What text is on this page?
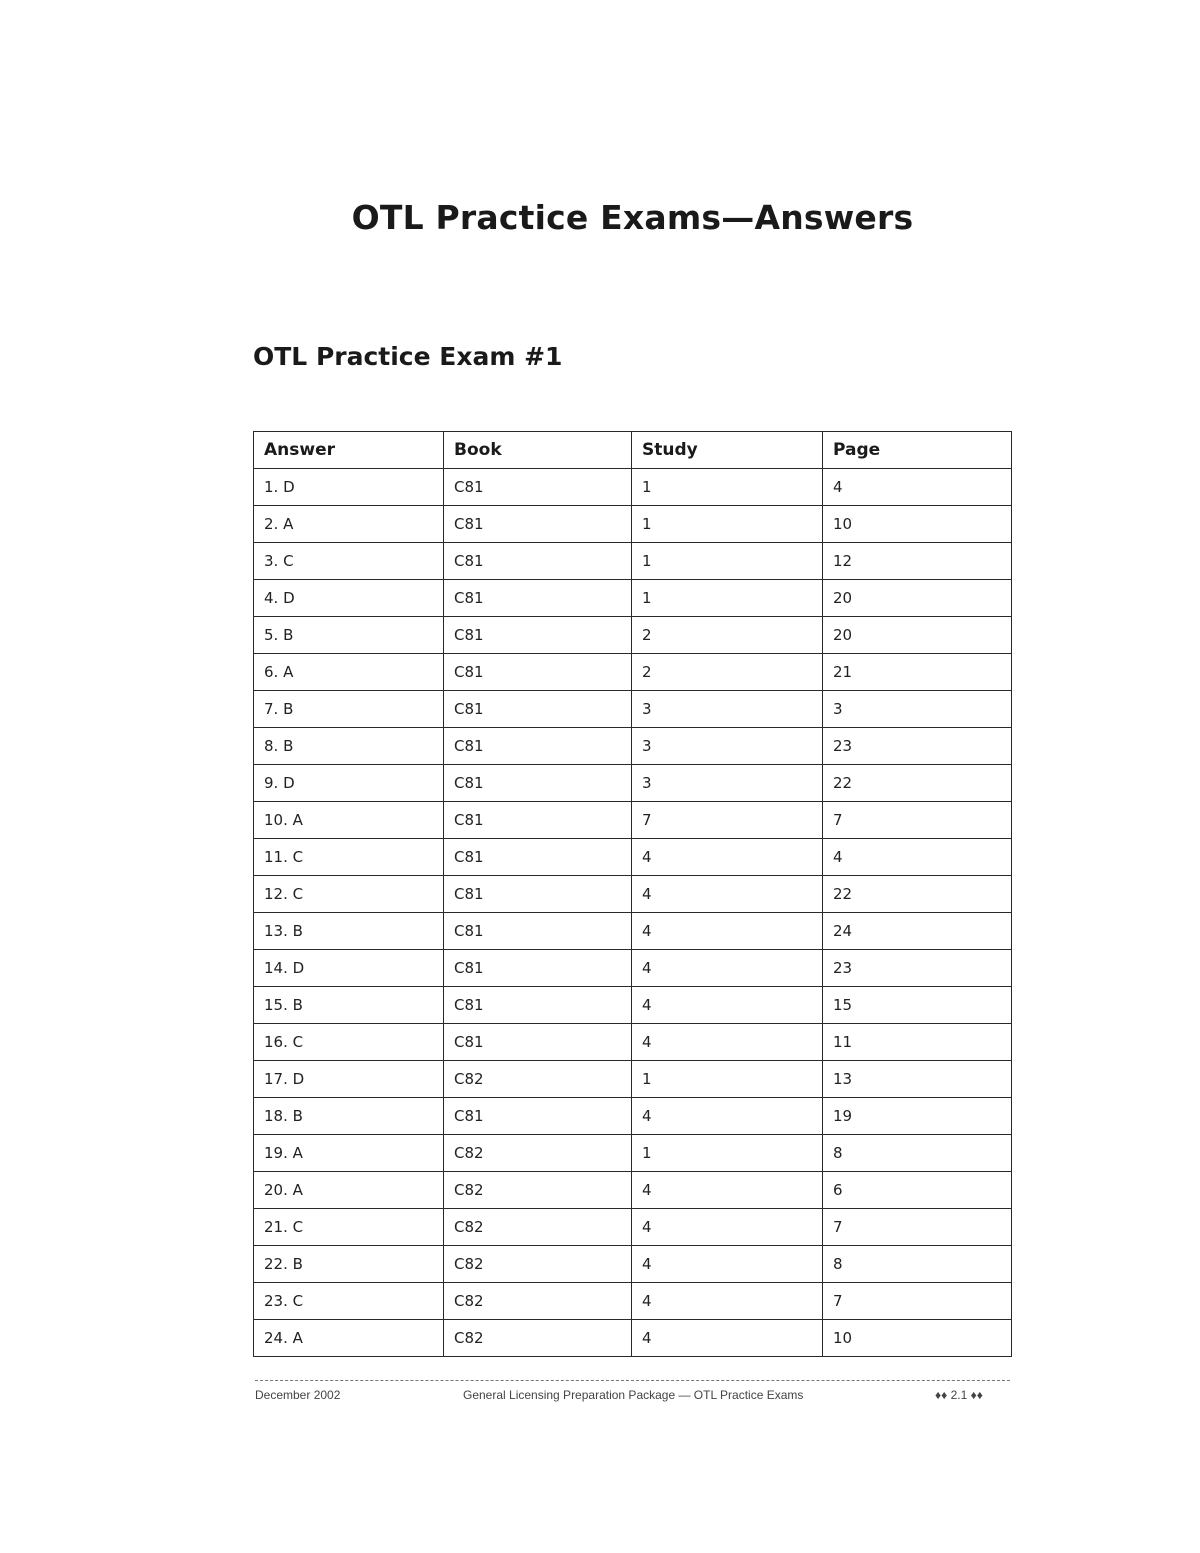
OTL Practice Exams—Answers
OTL Practice Exam #1
Answer	Book	Study	Page
1. D	C81	1	4
2. A	C81	1	10
3. C	C81	1	12
4. D	C81	1	20
5. B	C81	2	20
6. A	C81	2	21
7. B	C81	3	3
8. B	C81	3	23
9. D	C81	3	22
10. A	C81	7	7
11. C	C81	4	4
12. C	C81	4	22
13. B	C81	4	24
14. D	C81	4	23
15. B	C81	4	15
16. C	C81	4	11
17. D	C82	1	13
18. B	C81	4	19
19. A	C82	1	8
20. A	C82	4	6
21. C	C82	4	7
22. B	C82	4	8
23. C	C82	4	7
24. A	C82	4	10
December 2002	General Licensing Preparation Package — OTL Practice Exams	♦♦ 2.1 ♦♦
